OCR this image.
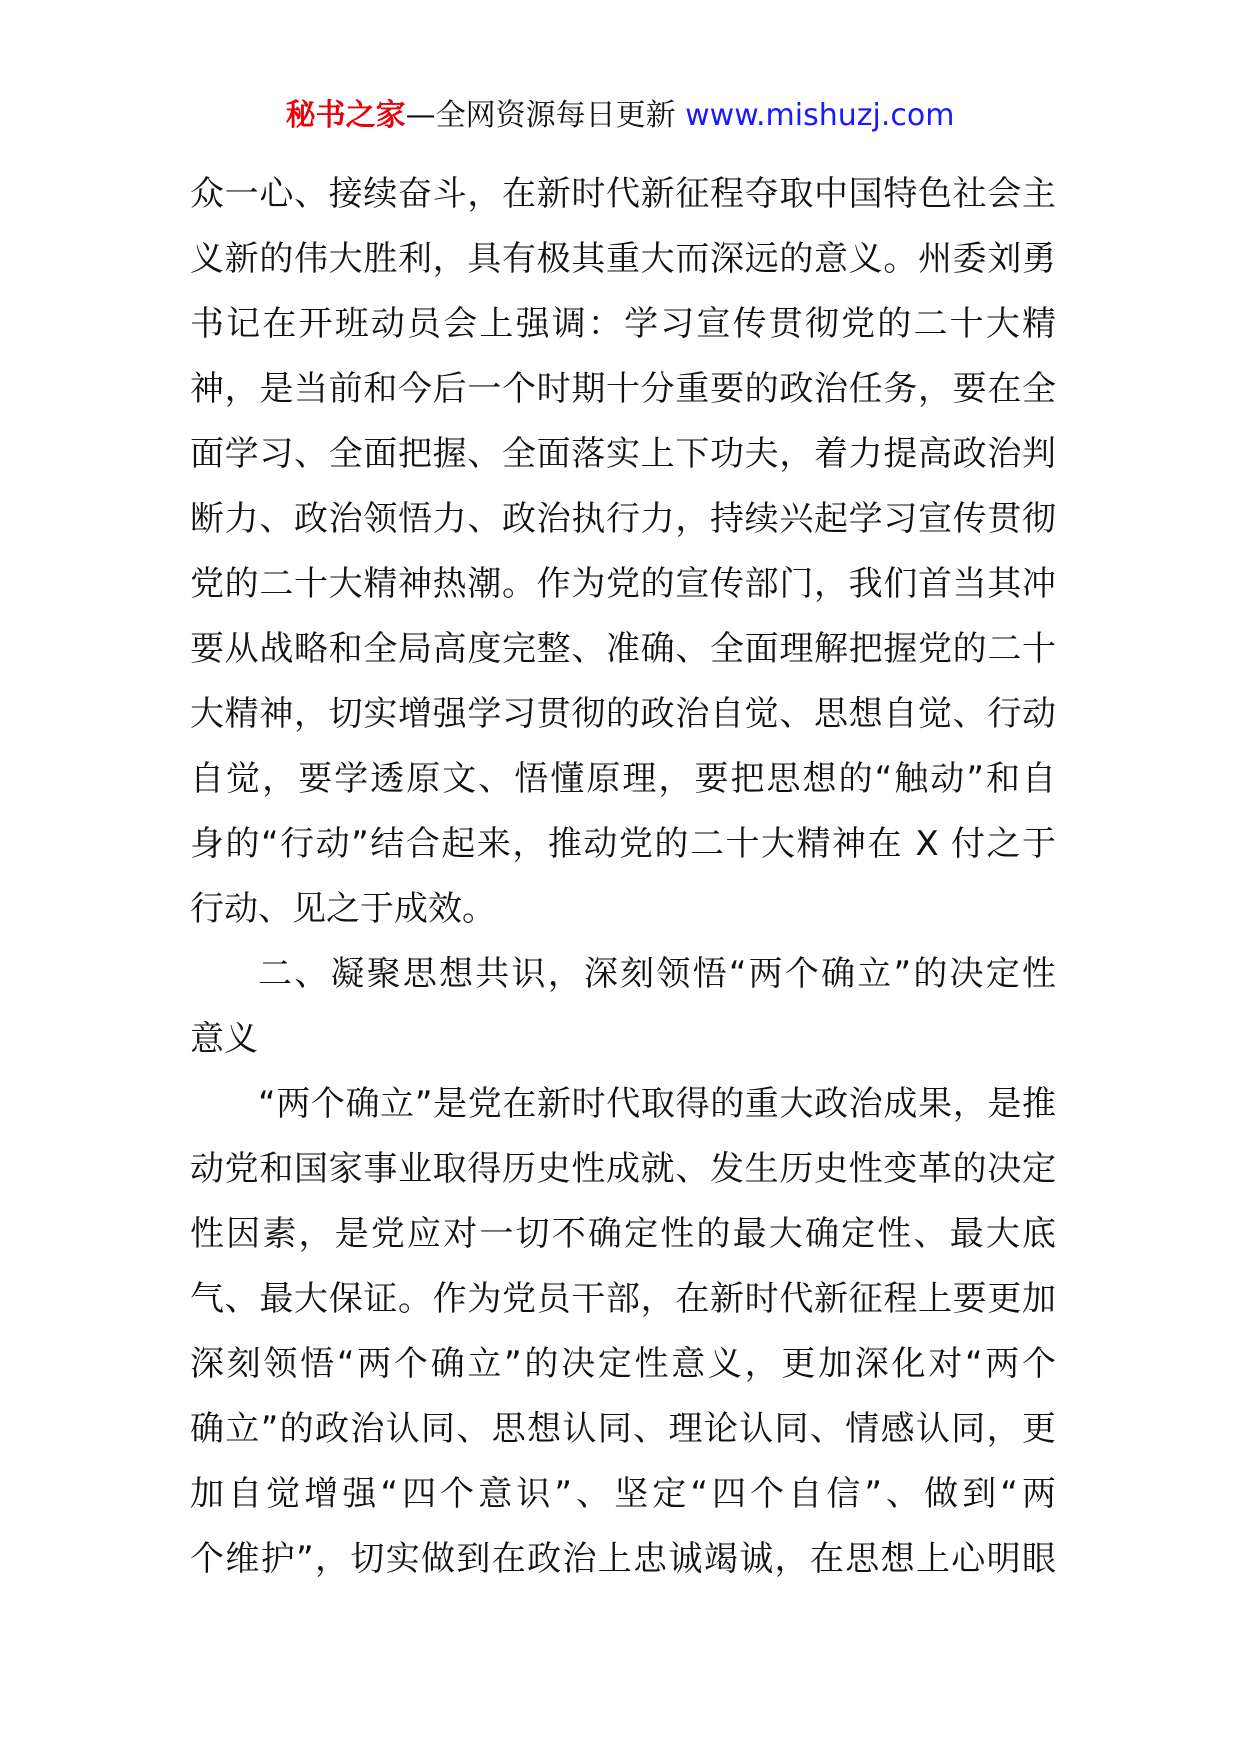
秘书之家—全网资源每日更新 www.mishuzj.com
众一心、接续奋斗，在新时代新征程夺取中国特色社会主
义新的伟大胜利，具有极其重大而深远的意义。州委刘勇
书记在开班动员会上强调：学习宣传贯彻党的二十大精
神，是当前和今后一个时期十分重要的政治任务，要在全
面学习、全面把握、全面落实上下功夫，着力提高政治判
断力、政治领悟力、政治执行力，持续兴起学习宣传贯彻
党的二十大精神热潮。作为党的宣传部门，我们首当其冲
要从战略和全局高度完整、准确、全面理解把握党的二十
大精神，切实增强学习贯彻的政治自觉、思想自觉、行动
自觉，要学透原文、悟懂原理，要把思想的“触动”和自
身的“行动”结合起来，推动党的二十大精神在 X 付之于
行动、见之于成效。
二、凝聚思想共识，深刻领悟“两个确立”的决定性
意义
“两个确立”是党在新时代取得的重大政治成果，是推
动党和国家事业取得历史性成就、发生历史性变革的决定
性因素，是党应对一切不确定性的最大确定性、最大底
气、最大保证。作为党员干部，在新时代新征程上要更加
深刻领悟“两个确立”的决定性意义，更加深化对“两个
确立”的政治认同、思想认同、理论认同、情感认同，更
加自觉增强“四个意识”、坚定“四个自信”、做到“两
个维护”，切实做到在政治上忠诚竭诚，在思想上心明眼
